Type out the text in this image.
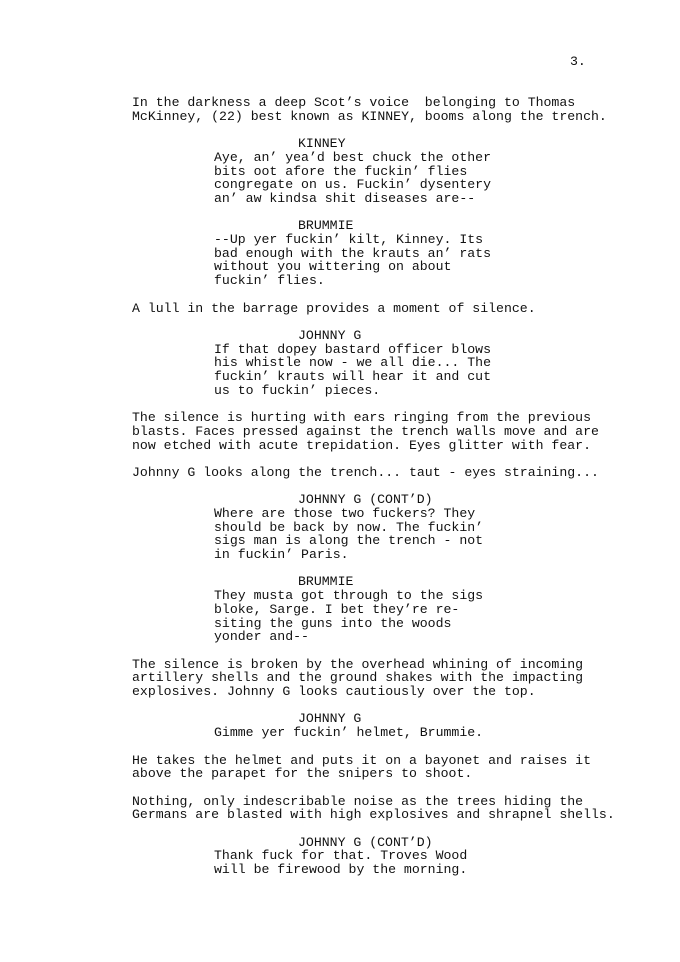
3.
In the darkness a deep Scot’s voice  belonging to Thomas
McKinney, (22) best known as KINNEY, booms along the trench.
KINNEY
Aye, an’ yea’d best chuck the other
bits oot afore the fuckin’ flies
congregate on us. Fuckin’ dysentery
an’ aw kindsa shit diseases are--
BRUMMIE
--Up yer fuckin’ kilt, Kinney. Its
bad enough with the krauts an’ rats
without you wittering on about
fuckin’ flies.
A lull in the barrage provides a moment of silence.
JOHNNY G
If that dopey bastard officer blows
his whistle now - we all die... The
fuckin’ krauts will hear it and cut
us to fuckin’ pieces.
The silence is hurting with ears ringing from the previous
blasts. Faces pressed against the trench walls move and are
now etched with acute trepidation. Eyes glitter with fear.
Johnny G looks along the trench... taut - eyes straining...
JOHNNY G (CONT’D)
Where are those two fuckers? They
should be back by now. The fuckin’
sigs man is along the trench - not
in fuckin’ Paris.
BRUMMIE
They musta got through to the sigs
bloke, Sarge. I bet they’re re-
siting the guns into the woods
yonder and--
The silence is broken by the overhead whining of incoming
artillery shells and the ground shakes with the impacting
explosives. Johnny G looks cautiously over the top.
JOHNNY G
Gimme yer fuckin’ helmet, Brummie.
He takes the helmet and puts it on a bayonet and raises it
above the parapet for the snipers to shoot.
Nothing, only indescribable noise as the trees hiding the
Germans are blasted with high explosives and shrapnel shells.
JOHNNY G (CONT’D)
Thank fuck for that. Troves Wood
will be firewood by the morning.
